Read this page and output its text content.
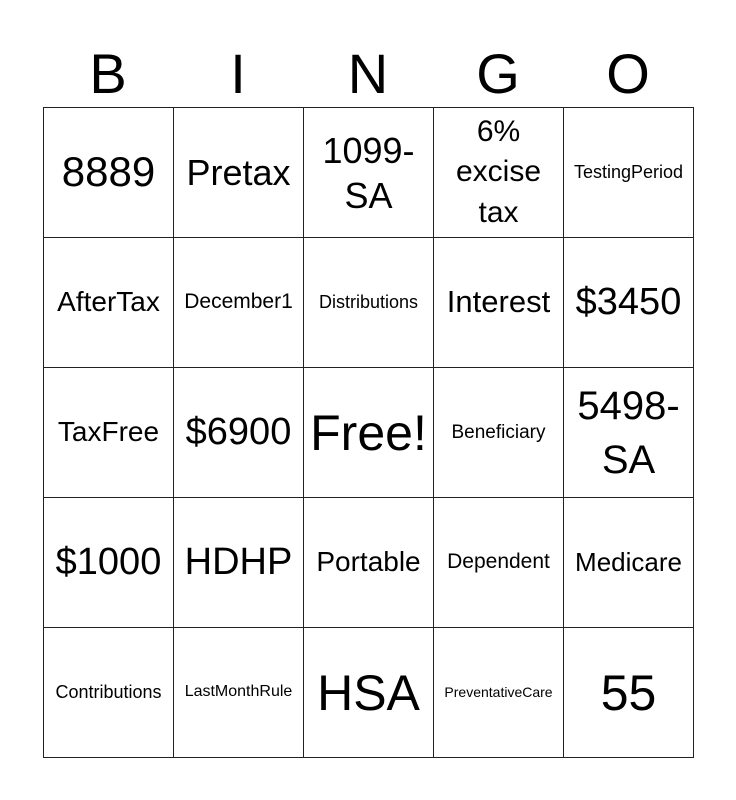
B	I	N	G	O
8889	Pretax	1099-SA	6% excise tax	TestingPeriod

AfterTax	December1	Distributions	Interest	$3450

TaxFree	$6900	Free!	Beneficiary	5498-SA

$1000	HDHP	Portable	Dependent	Medicare

Contributions	LastMonthRule	HSA	PreventativeCare	55
